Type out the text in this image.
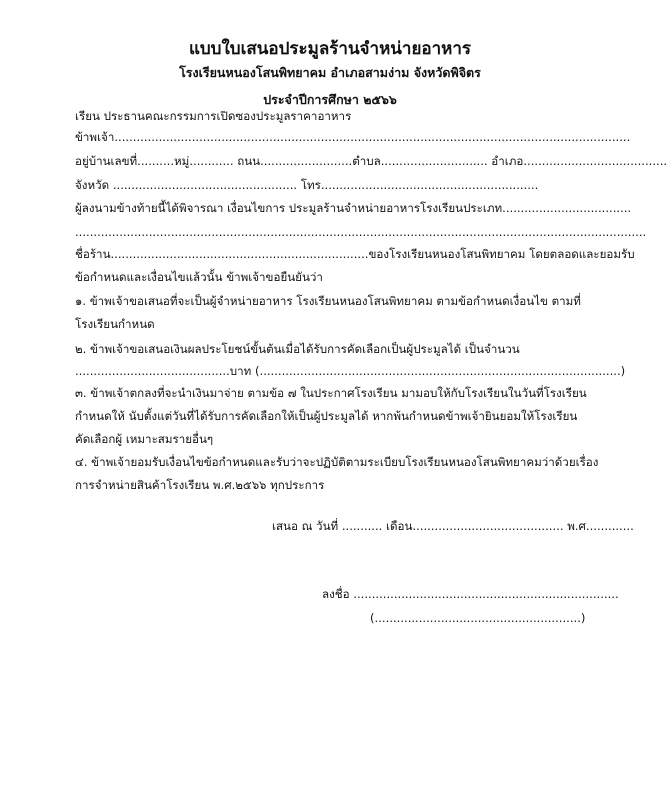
แบบใบเสนอประมูลร้านจำหน่ายอาหาร
โรงเรียนหนองโสนพิทยาคม อำเภอสามง่าม จังหวัดพิจิตร
ประจำปีการศึกษา ๒๕๖๖
เรียน ประธานคณะกรรมการเปิดซองประมูลราคาอาหาร
ข้าพเจ้า............................................................................................................................................
อยู่บ้านเลขที่..........หมู่............ ถนน.........................ตำบล............................. อำเภอ.......................................
จังหวัด .................................................. โทร...........................................................
ผู้ลงนามข้างท้ายนี้ได้พิจารณา เงื่อนไขการ ประมูลร้านจำหน่ายอาหารโรงเรียนประเภท...................................
...........................................................................................................................................................
ชื่อร้าน......................................................................ของโรงเรียนหนองโสนพิทยาคม โดยตลอดและยอมรับ
ข้อกำหนดและเงื่อนไขแล้วนั้น ข้าพเจ้าขอยืนยันว่า
๑. ข้าพเจ้าขอเสนอที่จะเป็นผู้จำหน่ายอาหาร โรงเรียนหนองโสนพิทยาคม ตามข้อกำหนดเงื่อนไข ตามที่
โรงเรียนกำหนด
๒. ข้าพเจ้าขอเสนอเงินผลประโยชน์ขั้นต้นเมื่อได้รับการคัดเลือกเป็นผู้ประมูลได้ เป็นจำนวน
..........................................บาท (..................................................................................................)
๓. ข้าพเจ้าตกลงที่จะนำเงินมาจ่าย ตามข้อ ๗ ในประกาศโรงเรียน มามอบให้กับโรงเรียนในวันที่โรงเรียน
กำหนดให้ นับตั้งแต่วันที่ได้รับการคัดเลือกให้เป็นผู้ประมูลได้ หากพ้นกำหนดข้าพเจ้ายินยอมให้โรงเรียน
คัดเลือกผู้ เหมาะสมรายอื่นๆ
๔. ข้าพเจ้ายอมรับเงื่อนไขข้อกำหนดและรับว่าจะปฏิบัติตามระเบียบโรงเรียนหนองโสนพิทยาคมว่าด้วยเรื่อง
การจำหน่ายสินค้าโรงเรียน พ.ศ.๒๕๖๖ ทุกประการ
เสนอ ณ วันที่ ........... เดือน......................................... พ.ศ.............
ลงชื่อ ........................................................................
(........................................................)
